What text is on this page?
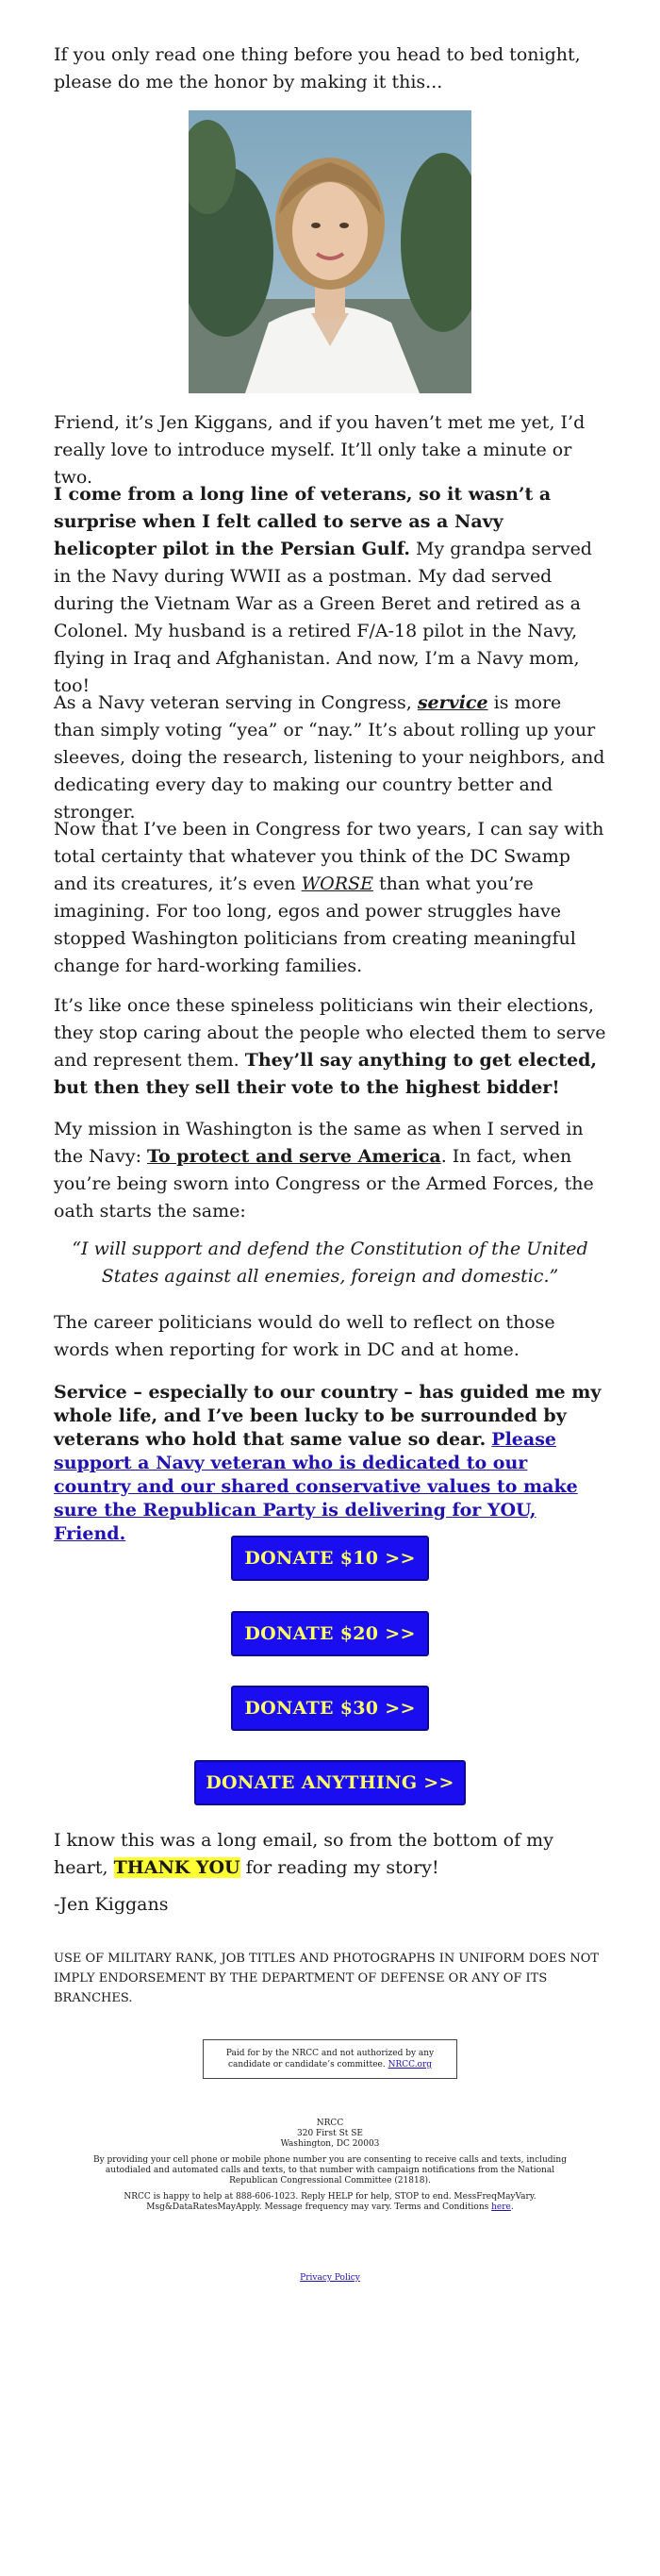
If you only read one thing before you head to bed tonight, please do me the honor by making it this...

Friend, it’s Jen Kiggans, and if you haven’t met me yet, I’d really love to introduce myself. It’ll only take a minute or two.

I come from a long line of veterans, so it wasn’t a surprise when I felt called to serve as a Navy helicopter pilot in the Persian Gulf. My grandpa served in the Navy during WWII as a postman. My dad served during the Vietnam War as a Green Beret and retired as a Colonel. My husband is a retired F/A-18 pilot in the Navy, flying in Iraq and Afghanistan. And now, I’m a Navy mom, too!

As a Navy veteran serving in Congress, service is more than simply voting “yea” or “nay.” It’s about rolling up your sleeves, doing the research, listening to your neighbors, and dedicating every day to making our country better and stronger.

Now that I’ve been in Congress for two years, I can say with total certainty that whatever you think of the DC Swamp and its creatures, it’s even WORSE than what you’re imagining. For too long, egos and power struggles have stopped Washington politicians from creating meaningful change for hard-working families.

It’s like once these spineless politicians win their elections, they stop caring about the people who elected them to serve and represent them. They’ll say anything to get elected, but then they sell their vote to the highest bidder!

My mission in Washington is the same as when I served in the Navy: To protect and serve America. In fact, when you’re being sworn into Congress or the Armed Forces, the oath starts the same:

“I will support and defend the Constitution of the United States against all enemies, foreign and domestic.”

The career politicians would do well to reflect on those words when reporting for work in DC and at home.

Service – especially to our country – has guided me my whole life, and I’ve been lucky to be surrounded by veterans who hold that same value so dear. Please support a Navy veteran who is dedicated to our country and our shared conservative values to make sure the Republican Party is delivering for YOU, Friend.

DONATE $10 >>
DONATE $20 >>
DONATE $30 >>
DONATE ANYTHING >>

I know this was a long email, so from the bottom of my heart, THANK YOU for reading my story!

-Jen Kiggans

USE OF MILITARY RANK, JOB TITLES AND PHOTOGRAPHS IN UNIFORM DOES NOT IMPLY ENDORSEMENT BY THE DEPARTMENT OF DEFENSE OR ANY OF ITS BRANCHES.

Paid for by the NRCC and not authorized by any candidate or candidate’s committee. NRCC.org
NRCC
320 First St SE
Washington, DC 20003
By providing your cell phone or mobile phone number you are consenting to receive calls and texts, including autodialed and automated calls and texts, to that number with campaign notifications from the National Republican Congressional Committee (21818).
NRCC is happy to help at 888-606-1023. Reply HELP for help, STOP to end. MessFreqMayVary. Msg&DataRatesMayApply. Message frequency may vary. Terms and Conditions here.
Privacy Policy
